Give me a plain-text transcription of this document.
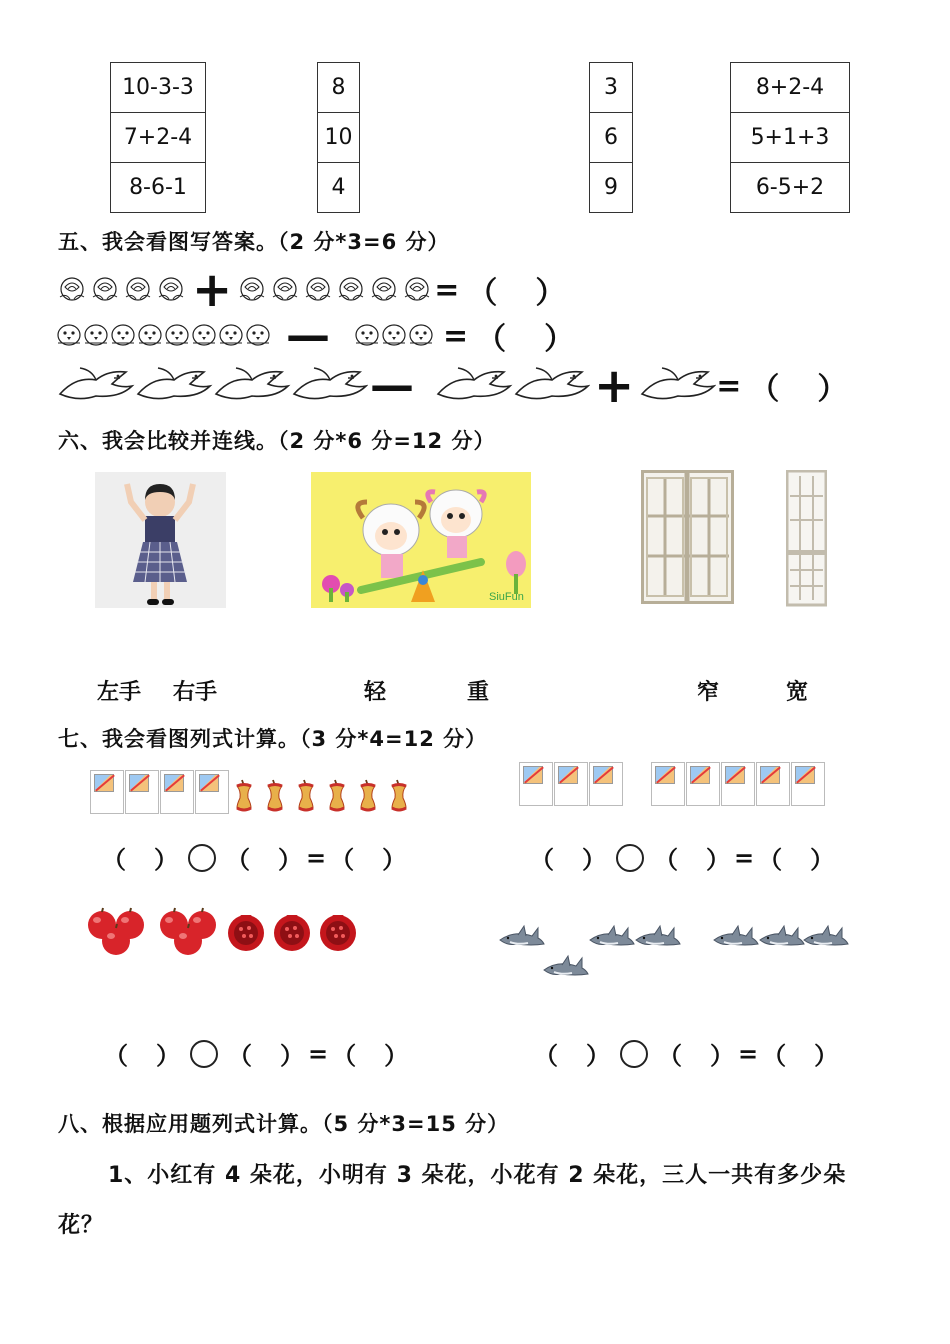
10-3-3
7+2-4
8-6-1
8
10
4
3
6
9
8+2-4
5+1+3
6-5+2
五、我会看图写答案。（2 分*3=6 分）
+	= （ ）
—	= （ ）
—	+	= （ ）
六、我会比较并连线。（2 分*6 分=12 分）
SiuFun
左手 右手	轻	重	窄	宽
七、我会看图列式计算。（3 分*4=12 分）
（ ） （ ） = （ ）	（ ） （ ） = （ ）
（ ） （ ） = （ ）	（ ） （ ） = （ ）
八、根据应用题列式计算。（5 分*3=15 分）
1、小红有 4 朵花，小明有 3 朵花，小花有 2 朵花，三人一共有多少朵
花？
